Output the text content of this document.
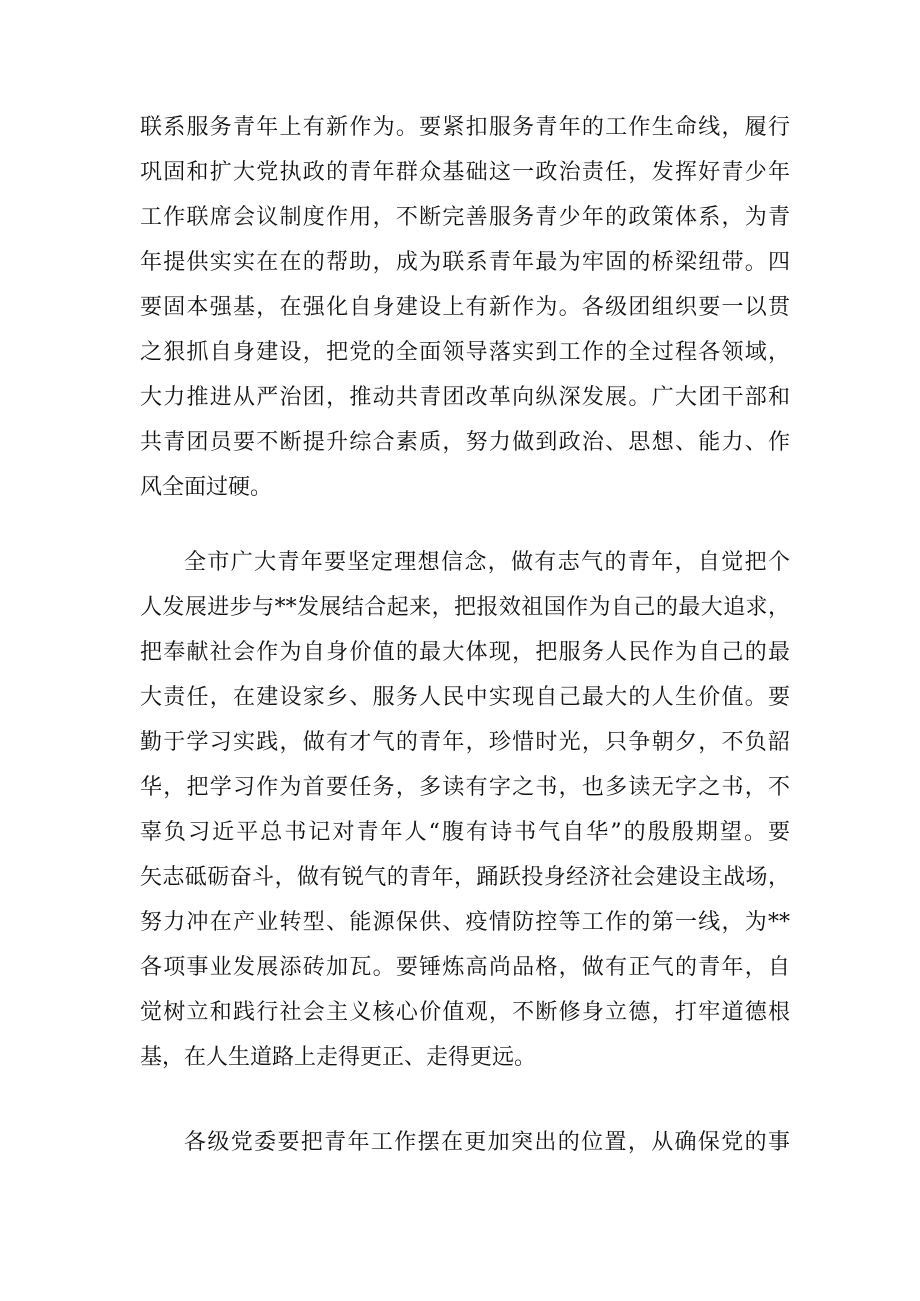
联系服务青年上有新作为。要紧扣服务青年的工作生命线，履行
巩固和扩大党执政的青年群众基础这一政治责任，发挥好青少年
工作联席会议制度作用，不断完善服务青少年的政策体系，为青
年提供实实在在的帮助，成为联系青年最为牢固的桥梁纽带。四
要固本强基，在强化自身建设上有新作为。各级团组织要一以贯
之狠抓自身建设，把党的全面领导落实到工作的全过程各领域，
大力推进从严治团，推动共青团改革向纵深发展。广大团干部和
共青团员要不断提升综合素质，努力做到政治、思想、能力、作
风全面过硬。
全市广大青年要坚定理想信念，做有志气的青年，自觉把个
人发展进步与**发展结合起来，把报效祖国作为自己的最大追求，
把奉献社会作为自身价值的最大体现，把服务人民作为自己的最
大责任，在建设家乡、服务人民中实现自己最大的人生价值。要
勤于学习实践，做有才气的青年，珍惜时光，只争朝夕，不负韶
华，把学习作为首要任务，多读有字之书，也多读无字之书，不
辜负习近平总书记对青年人“腹有诗书气自华”的殷殷期望。要
矢志砥砺奋斗，做有锐气的青年，踊跃投身经济社会建设主战场，
努力冲在产业转型、能源保供、疫情防控等工作的第一线，为**
各项事业发展添砖加瓦。要锤炼高尚品格，做有正气的青年，自
觉树立和践行社会主义核心价值观，不断修身立德，打牢道德根
基，在人生道路上走得更正、走得更远。
各级党委要把青年工作摆在更加突出的位置，从确保党的事
